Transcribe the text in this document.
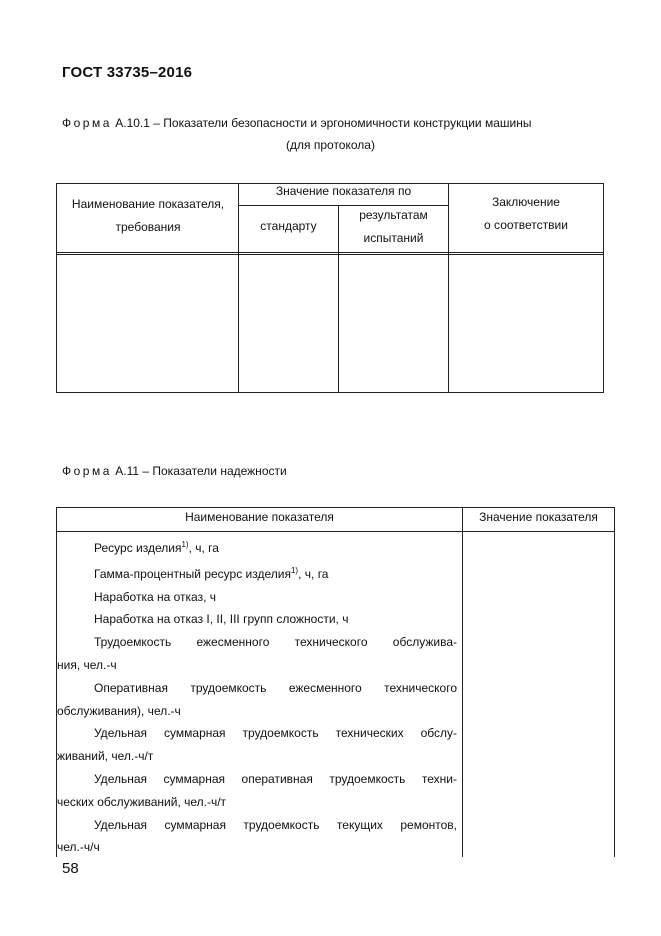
ГОСТ 33735–2016
Форма А.10.1 – Показатели безопасности и эргономичности конструкции машины
(для протокола)
Наименование показателя,
требования
Значение показателя по
стандарту
результатам
испытаний
Заключение
о соответствии
Форма А.11 – Показатели надежности
Наименование показателя	Значение показателя
Ресурс изделия$^{1)}$, ч, га
Гамма-процентный ресурс изделия$^{1)}$, ч, га
Наработка на отказ, ч
Наработка на отказ I, II, III групп сложности, ч
Трудоемкость ежесменного технического обслужива-
ния, чел.-ч
Оперативная трудоемкость ежесменного технического
обслуживания), чел.-ч
Удельная суммарная трудоемкость технических обслу-
живаний, чел.-ч/т
Удельная суммарная оперативная трудоемкость техни-
ческих обслуживаний, чел.-ч/т
Удельная суммарная трудоемкость текущих ремонтов,
чел.-ч/ч
58
